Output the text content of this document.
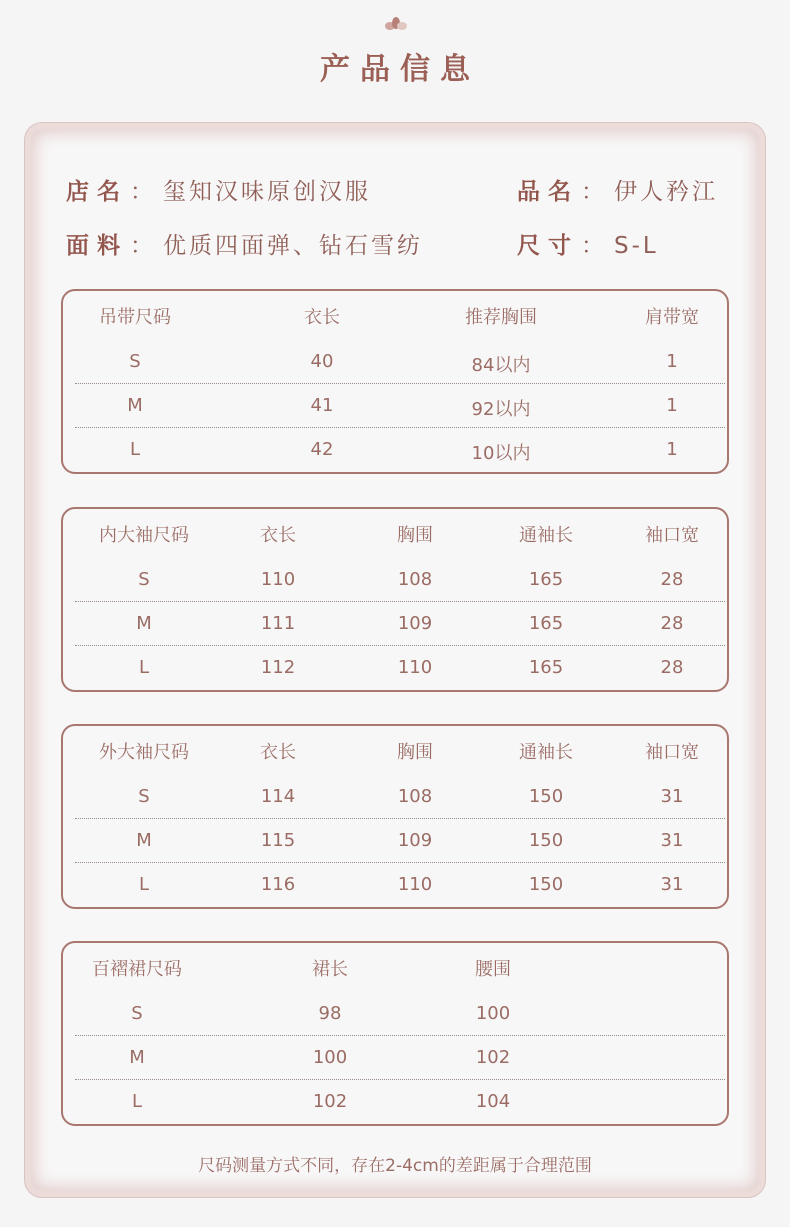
产品信息
店名： 玺知汉味原创汉服	品名： 伊人矜江
面料： 优质四面弹、钻石雪纺	尺寸： S-L
吊带尺码	衣长	推荐胸围	肩带宽
S	40	84以内	1
M	41	92以内	1
L	42	10以内	1
内大袖尺码	衣长	胸围	通袖长	袖口宽
S	110	108	165	28
M	111	109	165	28
L	112	110	165	28
外大袖尺码	衣长	胸围	通袖长	袖口宽
S	114	108	150	31
M	115	109	150	31
L	116	110	150	31
百褶裙尺码	裙长	腰围
S	98	100
M	100	102
L	102	104
尺码测量方式不同，存在2-4cm的差距属于合理范围
